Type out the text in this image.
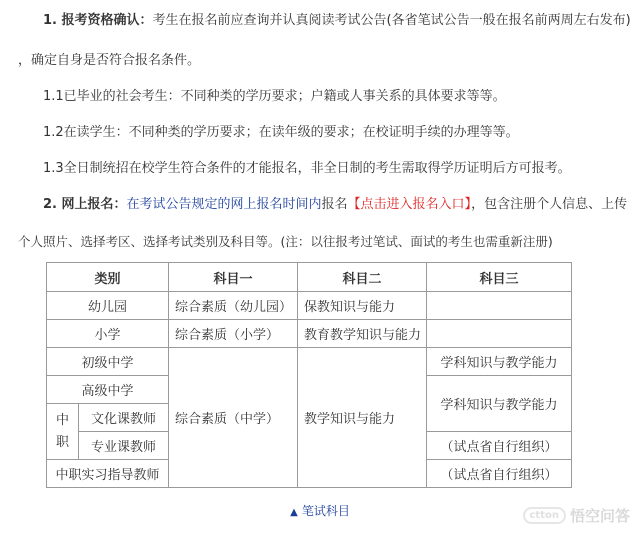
1. 报考资格确认：考生在报名前应查询并认真阅读考试公告(各省笔试公告一般在报名前两周左右发布)
，确定自身是否符合报名条件。
1.1已毕业的社会考生：不同种类的学历要求；户籍或人事关系的具体要求等等。
1.2在读学生：不同种类的学历要求；在读年级的要求；在校证明手续的办理等等。
1.3全日制统招在校学生符合条件的才能报名，非全日制的考生需取得学历证明后方可报考。
2. 网上报名：在考试公告规定的网上报名时间内报名【点击进入报名入口】，包含注册个人信息、上传
个人照片、选择考区、选择考试类别及科目等。(注：以往报考过笔试、面试的考生也需重新注册)
类别		科目一	科目二	科目三
幼儿园		综合素质（幼儿园）	保教知识与能力	
小学		综合素质（小学）	教育教学知识与能力	
初级中学		综合素质（中学）	教学知识与能力	学科知识与教学能力
高级中学				学科知识与教学能力
中职	文化课教师			
	专业课教师			（试点省自行组织）
中职实习指导教师				（试点省自行组织）
▲ 笔试科目	ctton 悟空问答
